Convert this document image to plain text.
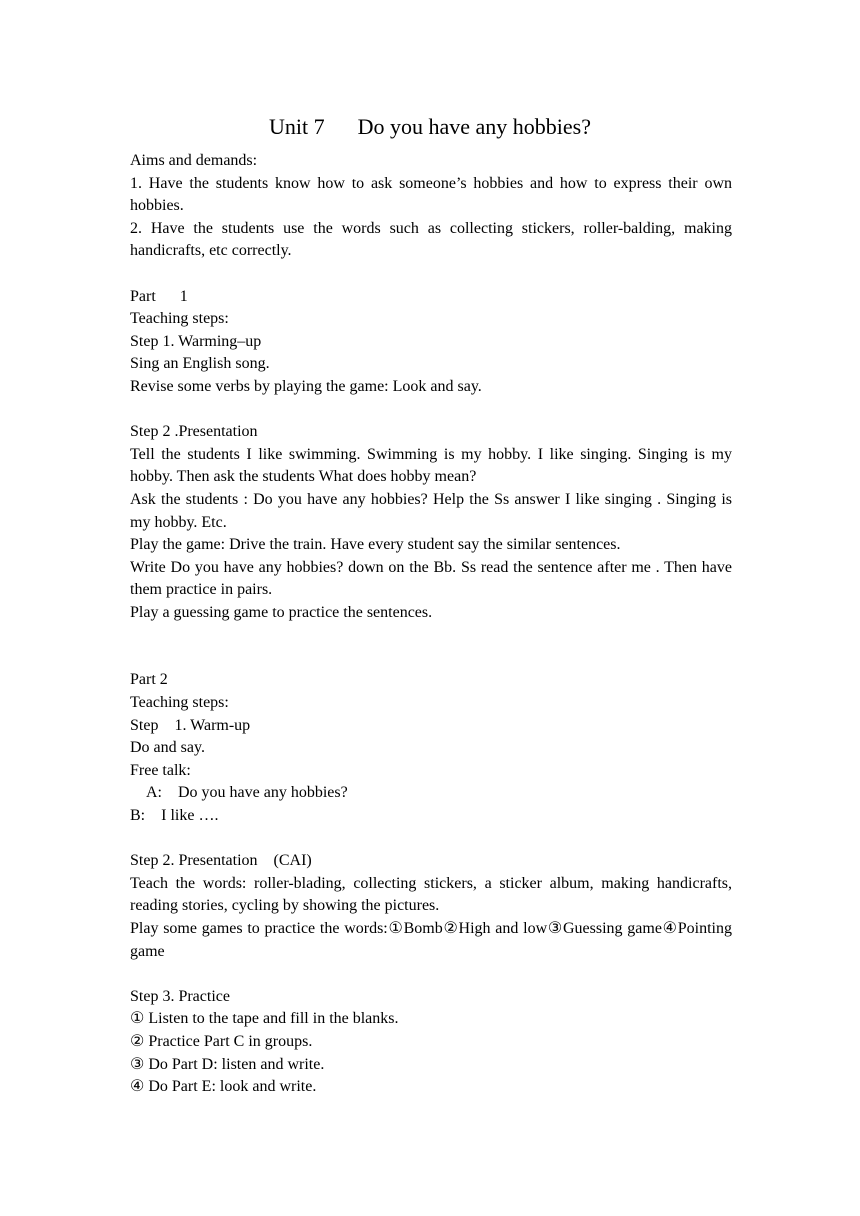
Unit 7      Do you have any hobbies?

Aims and demands:

1. Have the students know how to ask someone’s hobbies and how to express their own hobbies.

2. Have the students use the words such as collecting stickers, roller-balding, making handicrafts, etc correctly.

Part      1

Teaching steps:

Step 1. Warming–up

Sing an English song.

Revise some verbs by playing the game: Look and say.

Step 2 .Presentation

Tell the students I like swimming. Swimming is my hobby. I like singing. Singing is my hobby. Then ask the students What does hobby mean?

Ask the students : Do you have any hobbies? Help the Ss answer I like singing . Singing is my hobby. Etc.

Play the game: Drive the train. Have every student say the similar sentences.

Write Do you have any hobbies? down on the Bb. Ss read the sentence after me . Then have them practice in pairs.

Play a guessing game to practice the sentences.

Part 2

Teaching steps:

Step    1. Warm-up

Do and say.

Free talk:

A:    Do you have any hobbies?

B:    I like ….

Step 2. Presentation    (CAI)

Teach the words: roller-blading, collecting stickers, a sticker album, making handicrafts, reading stories, cycling by showing the pictures.

Play some games to practice the words:①Bomb②High and low③Guessing game④Pointing game

Step 3. Practice

① Listen to the tape and fill in the blanks.

② Practice Part C in groups.

③ Do Part D: listen and write.

④ Do Part E: look and write.
